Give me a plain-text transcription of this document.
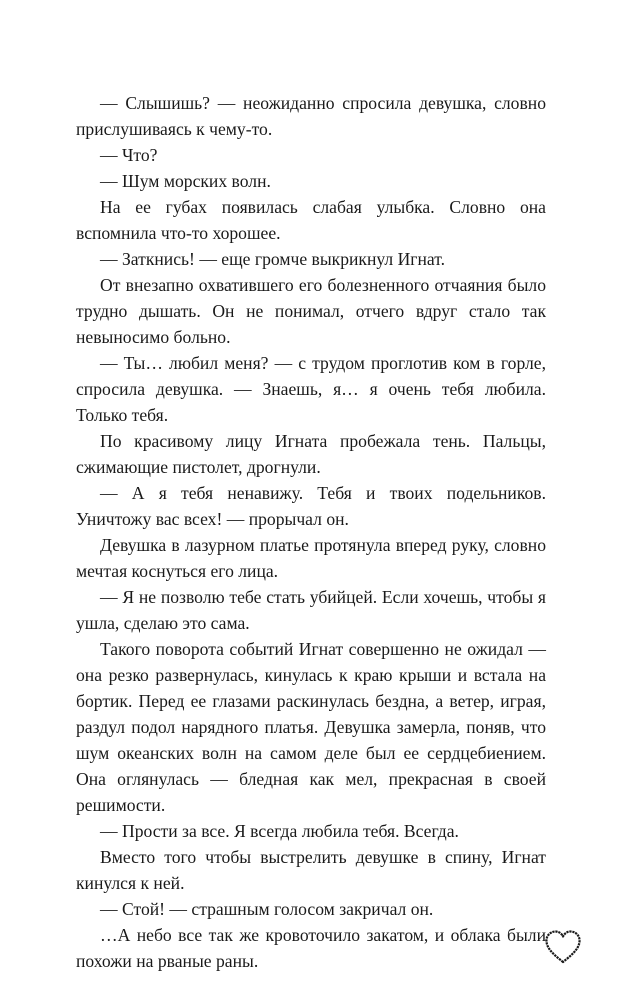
— Слышишь? — неожиданно спросила девушка, словно прислушиваясь к чему-то.

— Что?

— Шум морских волн.

На ее губах появилась слабая улыбка. Словно она вспомнила что-то хорошее.

— Заткнись! — еще громче выкрикнул Игнат.

От внезапно охватившего его болезненного отчаяния было трудно дышать. Он не понимал, отчего вдруг стало так невыносимо больно.

— Ты… любил меня? — с трудом проглотив ком в горле, спросила девушка. — Знаешь, я… я очень тебя любила. Только тебя.

По красивому лицу Игната пробежала тень. Пальцы, сжимающие пистолет, дрогнули.

— А я тебя ненавижу. Тебя и твоих подельников. Уничтожу вас всех! — прорычал он.

Девушка в лазурном платье протянула вперед руку, словно мечтая коснуться его лица.

— Я не позволю тебе стать убийцей. Если хочешь, чтобы я ушла, сделаю это сама.

Такого поворота событий Игнат совершенно не ожидал — она резко развернулась, кинулась к краю крыши и встала на бортик. Перед ее глазами раскинулась бездна, а ветер, играя, раздул подол нарядного платья. Девушка замерла, поняв, что шум океанских волн на самом деле был ее сердцебиением. Она оглянулась — бледная как мел, прекрасная в своей решимости.

— Прости за все. Я всегда любила тебя. Всегда.

Вместо того чтобы выстрелить девушке в спину, Игнат кинулся к ней.

— Стой! — страшным голосом закричал он.

…А небо все так же кровоточило закатом, и облака были похожи на рваные раны.
